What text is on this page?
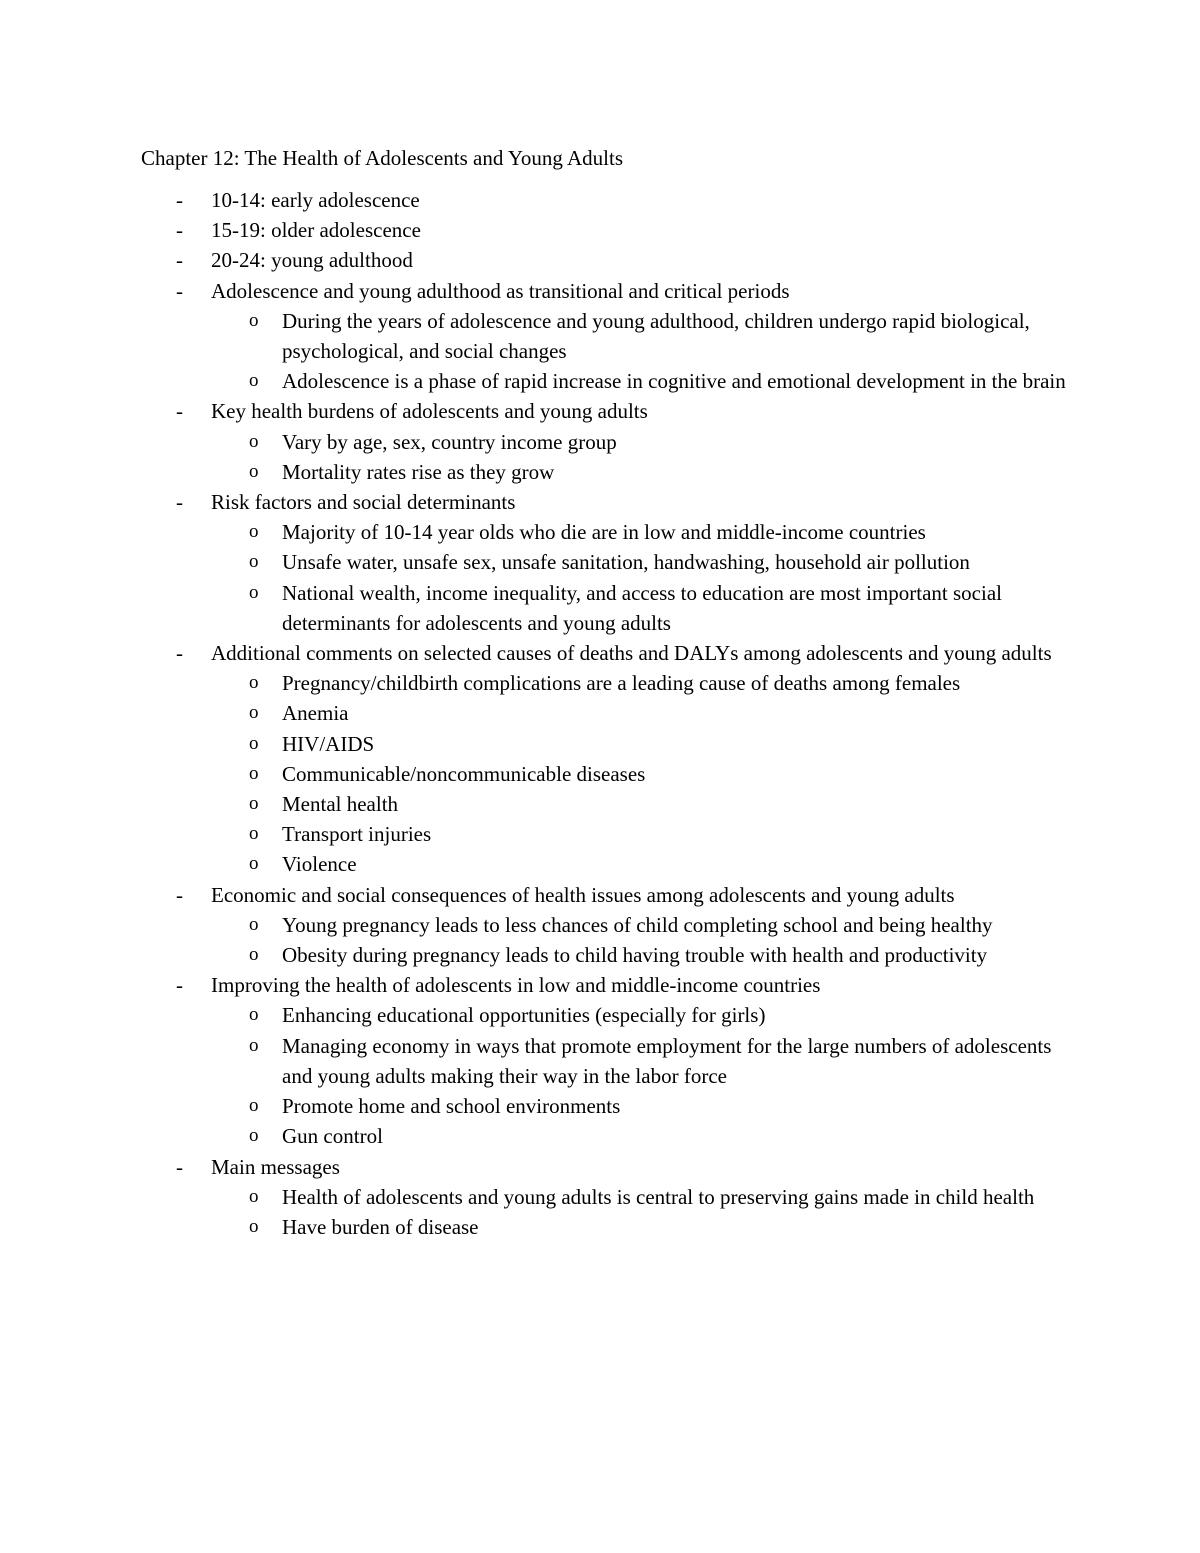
Chapter 12: The Health of Adolescents and Young Adults
- 10-14: early adolescence
- 15-19: older adolescence
- 20-24: young adulthood
- Adolescence and young adulthood as transitional and critical periods
o During the years of adolescence and young adulthood, children undergo rapid biological, psychological, and social changes
o Adolescence is a phase of rapid increase in cognitive and emotional development in the brain
- Key health burdens of adolescents and young adults
o Vary by age, sex, country income group
o Mortality rates rise as they grow
- Risk factors and social determinants
o Majority of 10-14 year olds who die are in low and middle-income countries
o Unsafe water, unsafe sex, unsafe sanitation, handwashing, household air pollution
o National wealth, income inequality, and access to education are most important social determinants for adolescents and young adults
- Additional comments on selected causes of deaths and DALYs among adolescents and young adults
o Pregnancy/childbirth complications are a leading cause of deaths among females
o Anemia
o HIV/AIDS
o Communicable/noncommunicable diseases
o Mental health
o Transport injuries
o Violence
- Economic and social consequences of health issues among adolescents and young adults
o Young pregnancy leads to less chances of child completing school and being healthy
o Obesity during pregnancy leads to child having trouble with health and productivity
- Improving the health of adolescents in low and middle-income countries
o Enhancing educational opportunities (especially for girls)
o Managing economy in ways that promote employment for the large numbers of adolescents and young adults making their way in the labor force
o Promote home and school environments
o Gun control
- Main messages
o Health of adolescents and young adults is central to preserving gains made in child health
o Have burden of disease
